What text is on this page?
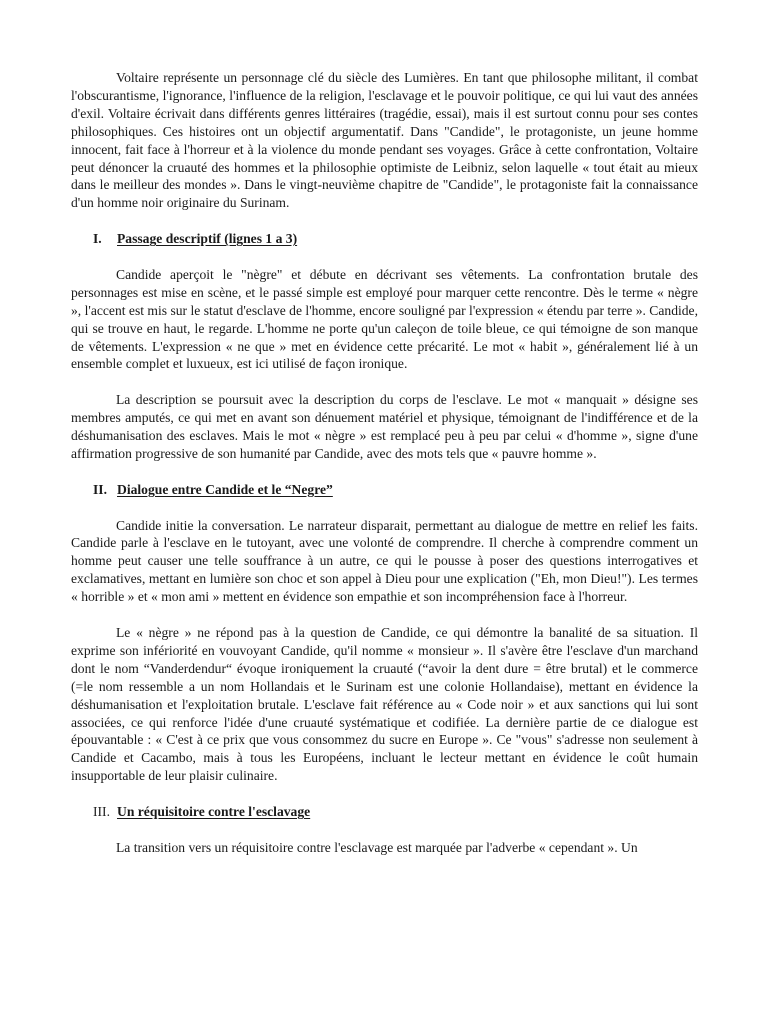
Voltaire représente un personnage clé du siècle des Lumières. En tant que philosophe militant, il combat l'obscurantisme, l'ignorance, l'influence de la religion, l'esclavage et le pouvoir politique, ce qui lui vaut des années d'exil. Voltaire écrivait dans différents genres littéraires (tragédie, essai), mais il est surtout connu pour ses contes philosophiques. Ces histoires ont un objectif argumentatif. Dans "Candide", le protagoniste, un jeune homme innocent, fait face à l'horreur et à la violence du monde pendant ses voyages. Grâce à cette confrontation, Voltaire peut dénoncer la cruauté des hommes et la philosophie optimiste de Leibniz, selon laquelle « tout était au mieux dans le meilleur des mondes ». Dans le vingt-neuvième chapitre de "Candide", le protagoniste fait la connaissance d'un homme noir originaire du Surinam.

I.	Passage descriptif (lignes 1 a 3)

Candide aperçoit le "nègre" et débute en décrivant ses vêtements. La confrontation brutale des personnages est mise en scène, et le passé simple est employé pour marquer cette rencontre. Dès le terme « nègre », l'accent est mis sur le statut d'esclave de l'homme, encore souligné par l'expression « étendu par terre ». Candide, qui se trouve en haut, le regarde. L'homme ne porte qu'un caleçon de toile bleue, ce qui témoigne de son manque de vêtements. L'expression « ne que » met en évidence cette précarité. Le mot « habit », généralement lié à un ensemble complet et luxueux, est ici utilisé de façon ironique.

La description se poursuit avec la description du corps de l'esclave. Le mot « manquait » désigne ses membres amputés, ce qui met en avant son dénuement matériel et physique, témoignant de l'indifférence et de la déshumanisation des esclaves. Mais le mot « nègre » est remplacé peu à peu par celui « d'homme », signe d'une affirmation progressive de son humanité par Candide, avec des mots tels que « pauvre homme ».

II. Dialogue entre Candide et le “Negre”

Candide initie la conversation. Le narrateur disparait, permettant au dialogue de mettre en relief les faits. Candide parle à l'esclave en le tutoyant, avec une volonté de comprendre. Il cherche à comprendre comment un homme peut causer une telle souffrance à un autre, ce qui le pousse à poser des questions interrogatives et exclamatives, mettant en lumière son choc et son appel à Dieu pour une explication ("Eh, mon Dieu!"). Les termes « horrible » et « mon ami » mettent en évidence son empathie et son incompréhension face à l'horreur.

Le « nègre » ne répond pas à la question de Candide, ce qui démontre la banalité de sa situation. Il exprime son infériorité en vouvoyant Candide, qu'il nomme « monsieur ». Il s'avère être l'esclave d'un marchand dont le nom “Vanderdendur“ évoque ironiquement la cruauté (“avoir la dent dure = être brutal) et le commerce (=le nom ressemble a un nom Hollandais et le Surinam est une colonie Hollandaise), mettant en évidence la déshumanisation et l'exploitation brutale. L'esclave fait référence au « Code noir » et aux sanctions qui lui sont associées, ce qui renforce l'idée d'une cruauté systématique et codifiée. La dernière partie de ce dialogue est épouvantable : « C'est à ce prix que vous consommez du sucre en Europe ». Ce "vous" s'adresse non seulement à Candide et Cacambo, mais à tous les Européens, incluant le lecteur mettant en évidence le coût humain insupportable de leur plaisir culinaire.

III. Un réquisitoire contre l'esclavage

La transition vers un réquisitoire contre l'esclavage est marquée par l'adverbe « cependant ». Un
